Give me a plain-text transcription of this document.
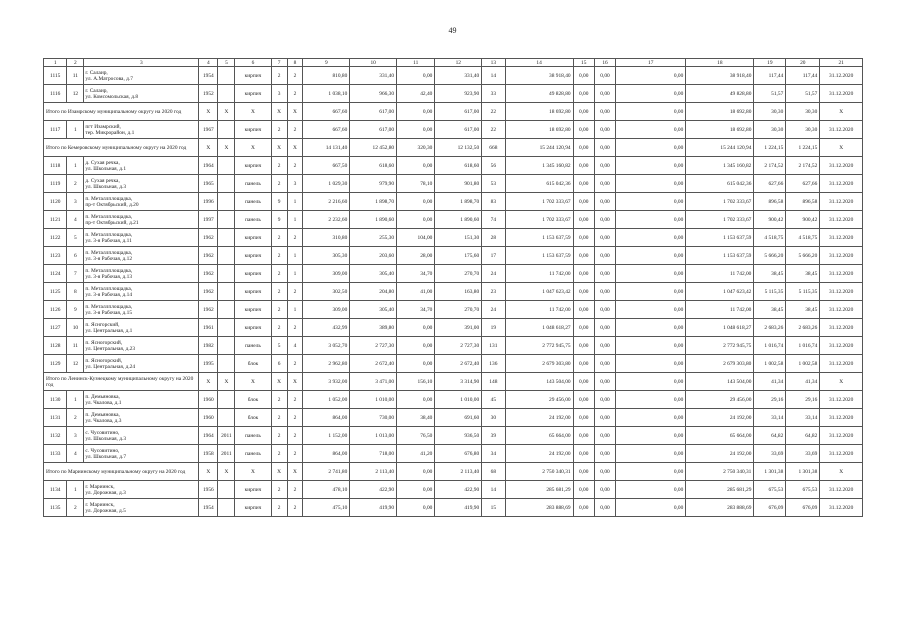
49
1	2	3	4	5	6	7	8	9	10	11	12	13	14	15	16	17	18	19	20	21
1115	11	г. Салаир,
ул. А.Матросова, д.7	1954		кирпич	2	2	810,80	331,40	0,00	331,40	14	38 918,40	0,00	0,00	0,00	38 918,40	117,44	117,44	31.12.2020
1116	12	г. Салаир,
ул. Комсомольская, д.8	1952		кирпич	3	2	1 038,10	966,30	42,40	923,90	33	49 828,80	0,00	0,00	0,00	49 828,80	51,57	51,57	31.12.2020
Итого по Изамрскому муниципальному округу на 2020 год			X	X	X	X	X	667,60	617,00	0,00	617,00	22	18 692,80	0,00	0,00	0,00	18 692,80	30,30	30,30	X
1117	1	пгт Изамрский,
тер. Микрорайон, д.1	1967		кирпич	2	2	667,60	617,00	0,00	617,00	22	18 692,80	0,00	0,00	0,00	18 692,80	30,30	30,30	31.12.2020
Итого по Кемеровскому муниципальному округу на 2020 год			X	X	X	X	X	14 131,40	12 452,80	320,30	12 132,50	668	15 244 120,94	0,00	0,00	0,00	15 244 120,94	1 224,15	1 224,15	X
1118	1	д. Сухая речка,
ул. Школьная, д.1	1964		кирпич	2	2	667,50	618,60	0,00	618,60	56	1 345 160,82	0,00	0,00	0,00	1 345 160,82	2 174,52	2 174,52	31.12.2020
1119	2	д. Сухая речка,
ул. Школьная, д.3	1965		панель	2	3	1 029,30	979,90	78,10	901,80	53	615 042,36	0,00	0,00	0,00	615 042,36	627,66	627,66	31.12.2020
1120	3	п. Металлплощадка,
пр-т Октябрьский, д.20	1996		панель	9	1	2 216,60	1 898,70	0,00	1 898,70	83	1 702 333,67	0,00	0,00	0,00	1 702 333,67	896,58	896,58	31.12.2020
1121	4	п. Металлплощадка,
пр-т Октябрьский, д.21	1997		панель	9	1	2 232,60	1 890,60	0,00	1 890,60	74	1 702 333,67	0,00	0,00	0,00	1 702 333,67	900,42	900,42	31.12.2020
1122	5	п. Металлплощадка,
ул. 3-я Рабочая, д.11	1962		кирпич	2	2	310,80	255,30	104,00	151,30	28	1 153 637,59	0,00	0,00	0,00	1 153 637,59	4 518,75	4 518,75	31.12.2020
1123	6	п. Металлплощадка,
ул. 3-я Рабочая, д.12	1962		кирпич	2	1	305,30	203,60	28,00	175,60	17	1 153 637,59	0,00	0,00	0,00	1 153 637,59	5 666,20	5 666,20	31.12.2020
1124	7	п. Металлплощадка,
ул. 3-я Рабочая, д.13	1962		кирпич	2	1	309,00	305,40	34,70	270,70	24	11 742,00	0,00	0,00	0,00	11 742,00	38,45	38,45	31.12.2020
1125	8	п. Металлплощадка,
ул. 3-я Рабочая, д.14	1962		кирпич	2	2	302,50	204,80	41,00	163,80	23	1 047 623,42	0,00	0,00	0,00	1 047 623,42	5 115,35	5 115,35	31.12.2020
1126	9	п. Металлплощадка,
ул. 3-я Рабочая, д.15	1962		кирпич	2	1	309,00	305,40	34,70	270,70	24	11 742,00	0,00	0,00	0,00	11 742,00	38,45	38,45	31.12.2020
1127	10	п. Яснгорский,
ул. Центральная, д.1	1961		кирпич	2	2	432,99	389,80	0,00	391,00	19	1 048 618,27	0,00	0,00	0,00	1 048 618,27	2 683,26	2 683,26	31.12.2020
1128	11	п. Ясногорский,
ул. Центральная, д.23	1982		панель	5	4	3 052,70	2 727,30	0,00	2 727,30	131	2 772 945,75	0,00	0,00	0,00	2 772 945,75	1 016,74	1 016,74	31.12.2020
1129	12	п. Ясногорский,
ул. Центральная, д.24	1995		блок	6	2	2 962,80	2 672,40	0,00	2 672,40	136	2 679 303,80	0,00	0,00	0,00	2 679 303,80	1 002,58	1 002,58	31.12.2020
Итого по Ленинск-Кузнецкому муниципальному округу на 2020 год			X	X	X	X	X	3 932,00	3 471,00	156,10	3 314,90	148	143 504,00	0,00	0,00	0,00	143 504,00	41,34	41,34	X
1130	1	п. Демьяновка,
ул. Чкалова, д.1	1960		блок	2	2	1 052,00	1 010,00	0,00	1 010,00	45	29 456,00	0,00	0,00	0,00	29 456,00	29,16	29,16	31.12.2020
1131	2	п. Демьяновка,
ул. Чкалова, д.3	1960		блок	2	2	864,00	730,00	38,40	691,60	30	24 192,00	0,00	0,00	0,00	24 192,00	33,14	33,14	31.12.2020
1132	3	с. Чусовитино,
ул. Школьная, д.3	1964	2011	панель	2	2	1 152,00	1 013,00	76,50	936,50	39	65 664,00	0,00	0,00	0,00	65 664,00	64,82	64,82	31.12.2020
1133	4	с. Чусовитино,
ул. Школьная, д.7	1958	2011	панель	2	2	864,00	718,00	41,20	676,80	34	24 192,00	0,00	0,00	0,00	24 192,00	33,69	33,69	31.12.2020
Итого по Мариинскому муниципальному округу на 2020 год			X	X	X	X	X	2 741,80	2 113,40	0,00	2 113,40	68	2 750 340,31	0,00	0,00	0,00	2 750 340,31	1 301,38	1 301,38	X
1134	1	г. Мариинск,
ул. Дорожная, д.3	1956		кирпич	2	2	478,10	422,90	0,00	422,90	14	285 681,29	0,00	0,00	0,00	285 681,29	675,53	675,53	31.12.2020
1135	2	г. Мариинск,
ул. Дорожная, д.5	1954		кирпич	2	2	475,10	419,90	0,00	419,90	15	283 888,69	0,00	0,00	0,00	283 888,69	676,09	676,09	31.12.2020
